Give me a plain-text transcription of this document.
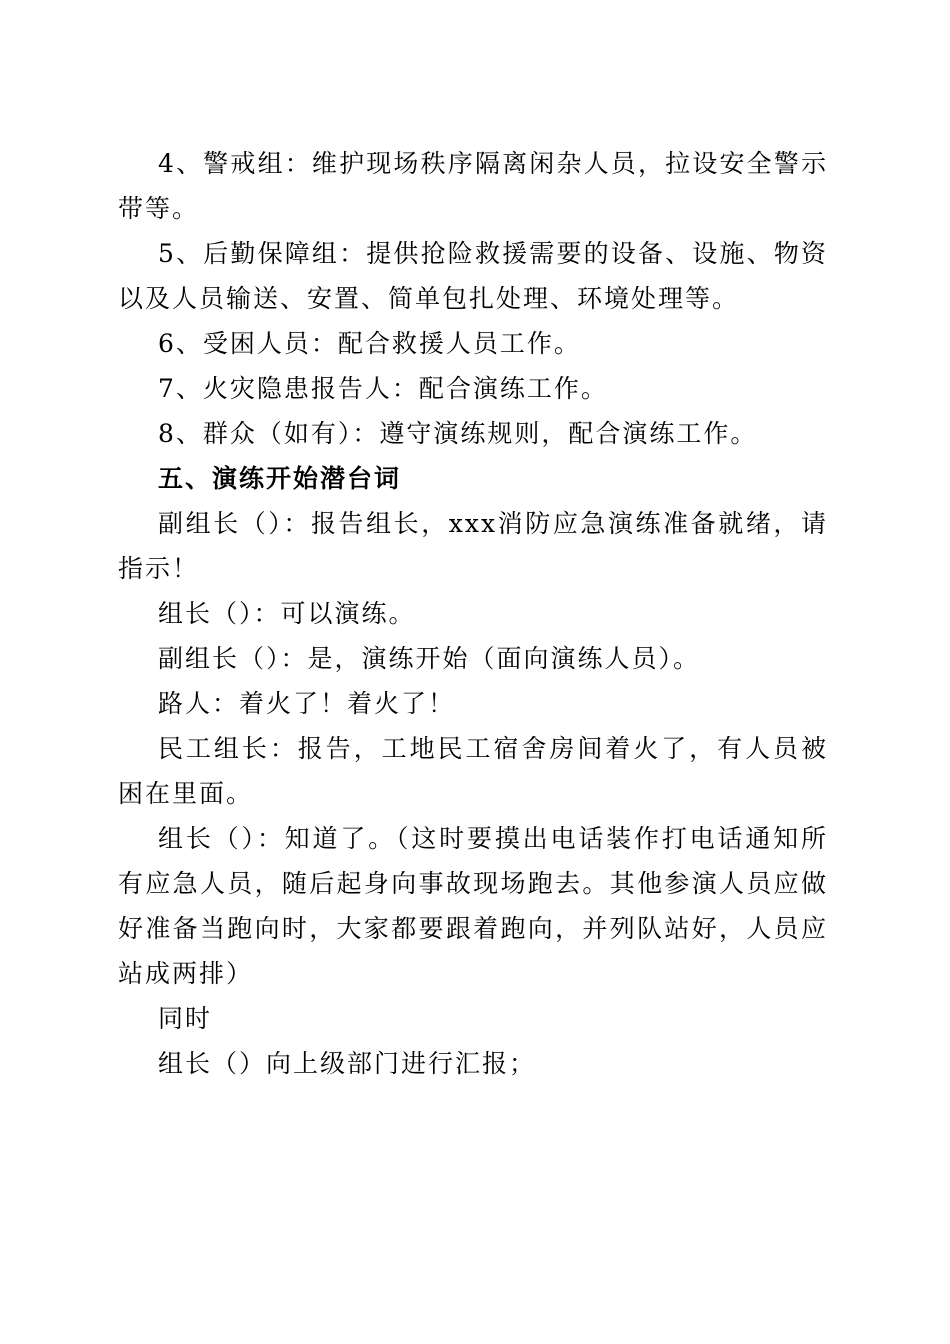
4、警戒组：维护现场秩序隔离闲杂人员，拉设安全警示带等。

5、后勤保障组：提供抢险救援需要的设备、设施、物资以及人员输送、安置、简单包扎处理、环境处理等。

6、受困人员：配合救援人员工作。

7、火灾隐患报告人：配合演练工作。

8、群众（如有）：遵守演练规则，配合演练工作。

五、演练开始潜台词

副组长（）：报告组长，xxx消防应急演练准备就绪，请指示！

组长（）：可以演练。

副组长（）：是，演练开始（面向演练人员）。

路人：着火了！着火了！

民工组长：报告，工地民工宿舍房间着火了，有人员被困在里面。

组长（）：知道了。（这时要摸出电话装作打电话通知所有应急人员，随后起身向事故现场跑去。其他参演人员应做好准备当跑向时，大家都要跟着跑向，并列队站好，人员应站成两排）

同时

组长（）向上级部门进行汇报；
